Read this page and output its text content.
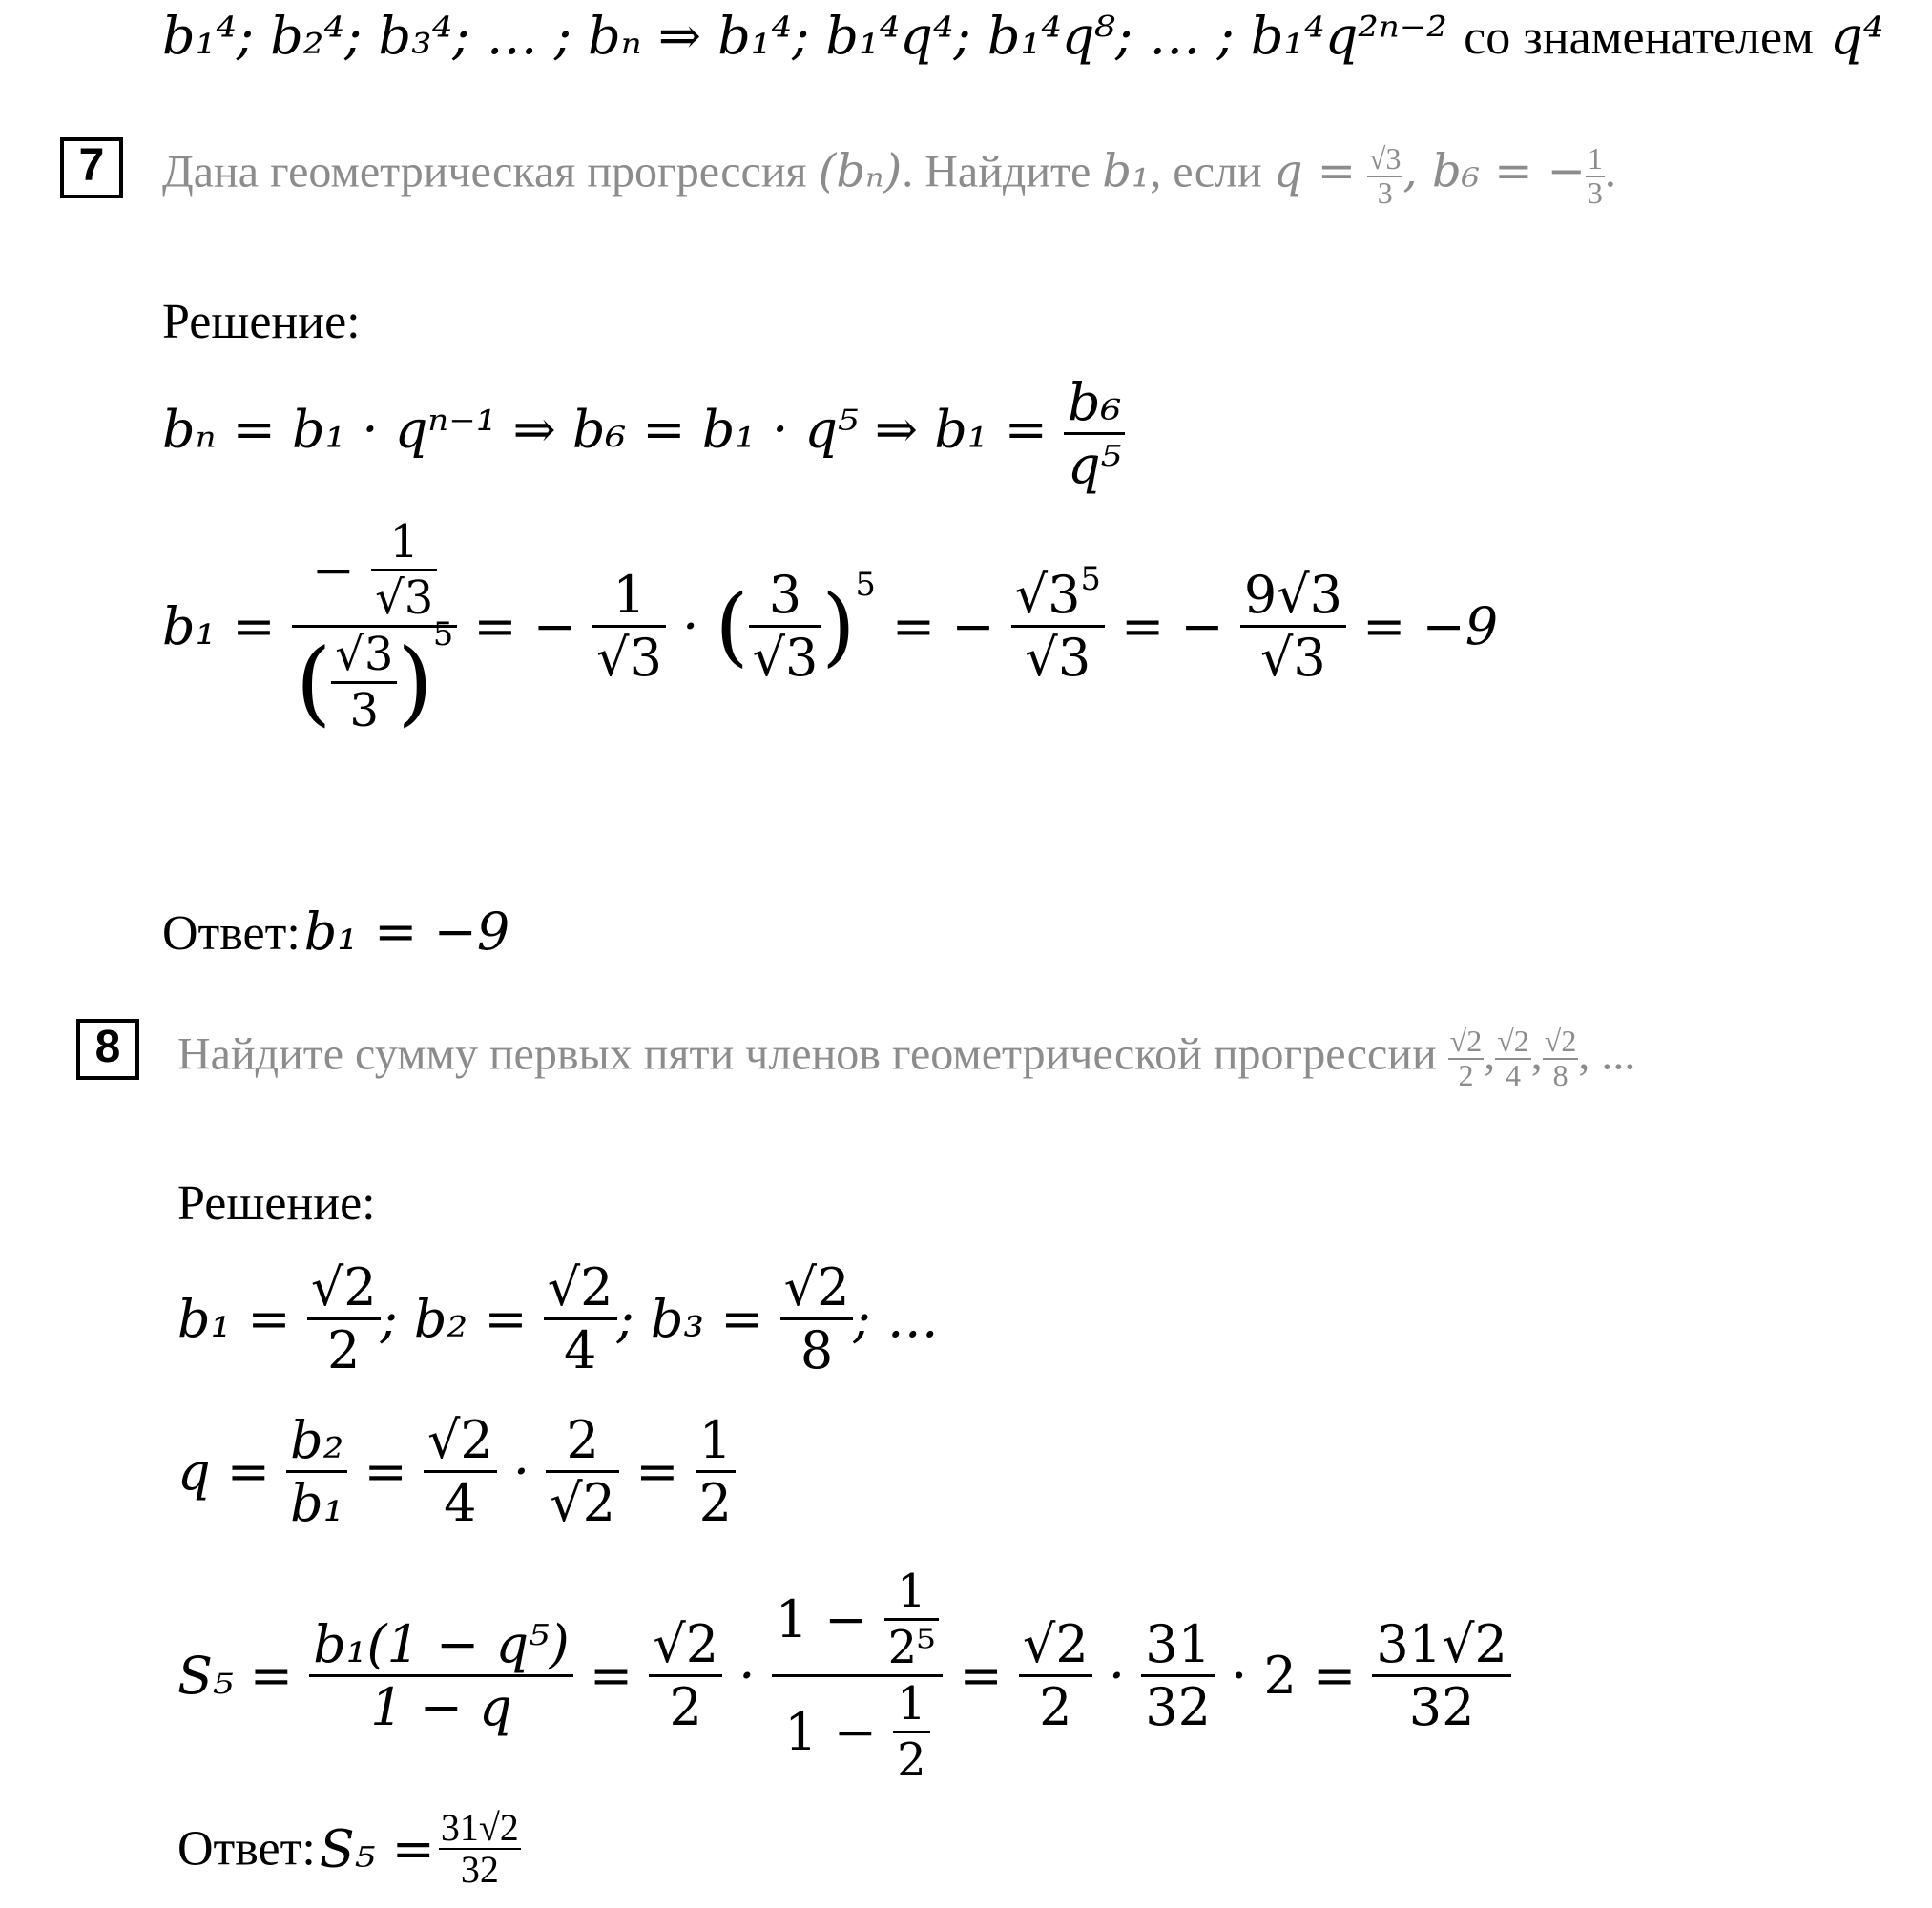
b₁⁴; b₂⁴; b₃⁴; … ; bₙ ⇒ b₁⁴; b₁⁴q⁴; b₁⁴q⁸; … ; b₁⁴q²ⁿ⁻² со знаменателем q⁴
7	Дана геометрическая прогрессия (bₙ). Найдите b₁, если $q = \frac{√3}{3}$ , b₆ = − $\frac{1}{3}$ .
Решение:
bₙ = b₁ · qⁿ⁻¹ ⇒ b₆ = b₁ · q⁵ ⇒ $b_1 = \frac{\text{b₆}}{\text{q⁵}}$
$b_1 = \frac{- \frac{1}{√3}}{( \frac{√3}{3} )^5}$ = − $\frac{1}{√3}$ · ( $\frac{3}{√3} )^5$ = − $\frac{√3^5}{√3}$ = − $\frac{9√3}{√3} = -9$
Ответ: b₁ = −9
8	Найдите сумму первых пяти членов геометрической прогрессии $\frac{√2}{2}$ , $\frac{√2}{4}$ , $\frac{√2}{8}$ , ...
Решение:
$b_1 = \frac{√2}{2}$ ; $b_2 = \frac{√2}{4}$ ; $b_3 = \frac{√2}{8}$ ; …
$q = \frac{\text{b₂}}{\text{b₁}} = \frac{√2}{4} \cdot \frac{2}{√2} = \frac{1}{2}$
$S_5 = \frac{\text{b₁(1 − q⁵)}}{1 - q} = \frac{√2}{2} \cdot \frac{1 - \frac{1}{\text{2⁵}}}{1 - \frac{1}{2}} = \frac{√2}{2} \cdot \frac{31}{32} \cdot 2 = \frac{31√2}{32}$
Ответ: $S_5 = \frac{31√2}{32}$
